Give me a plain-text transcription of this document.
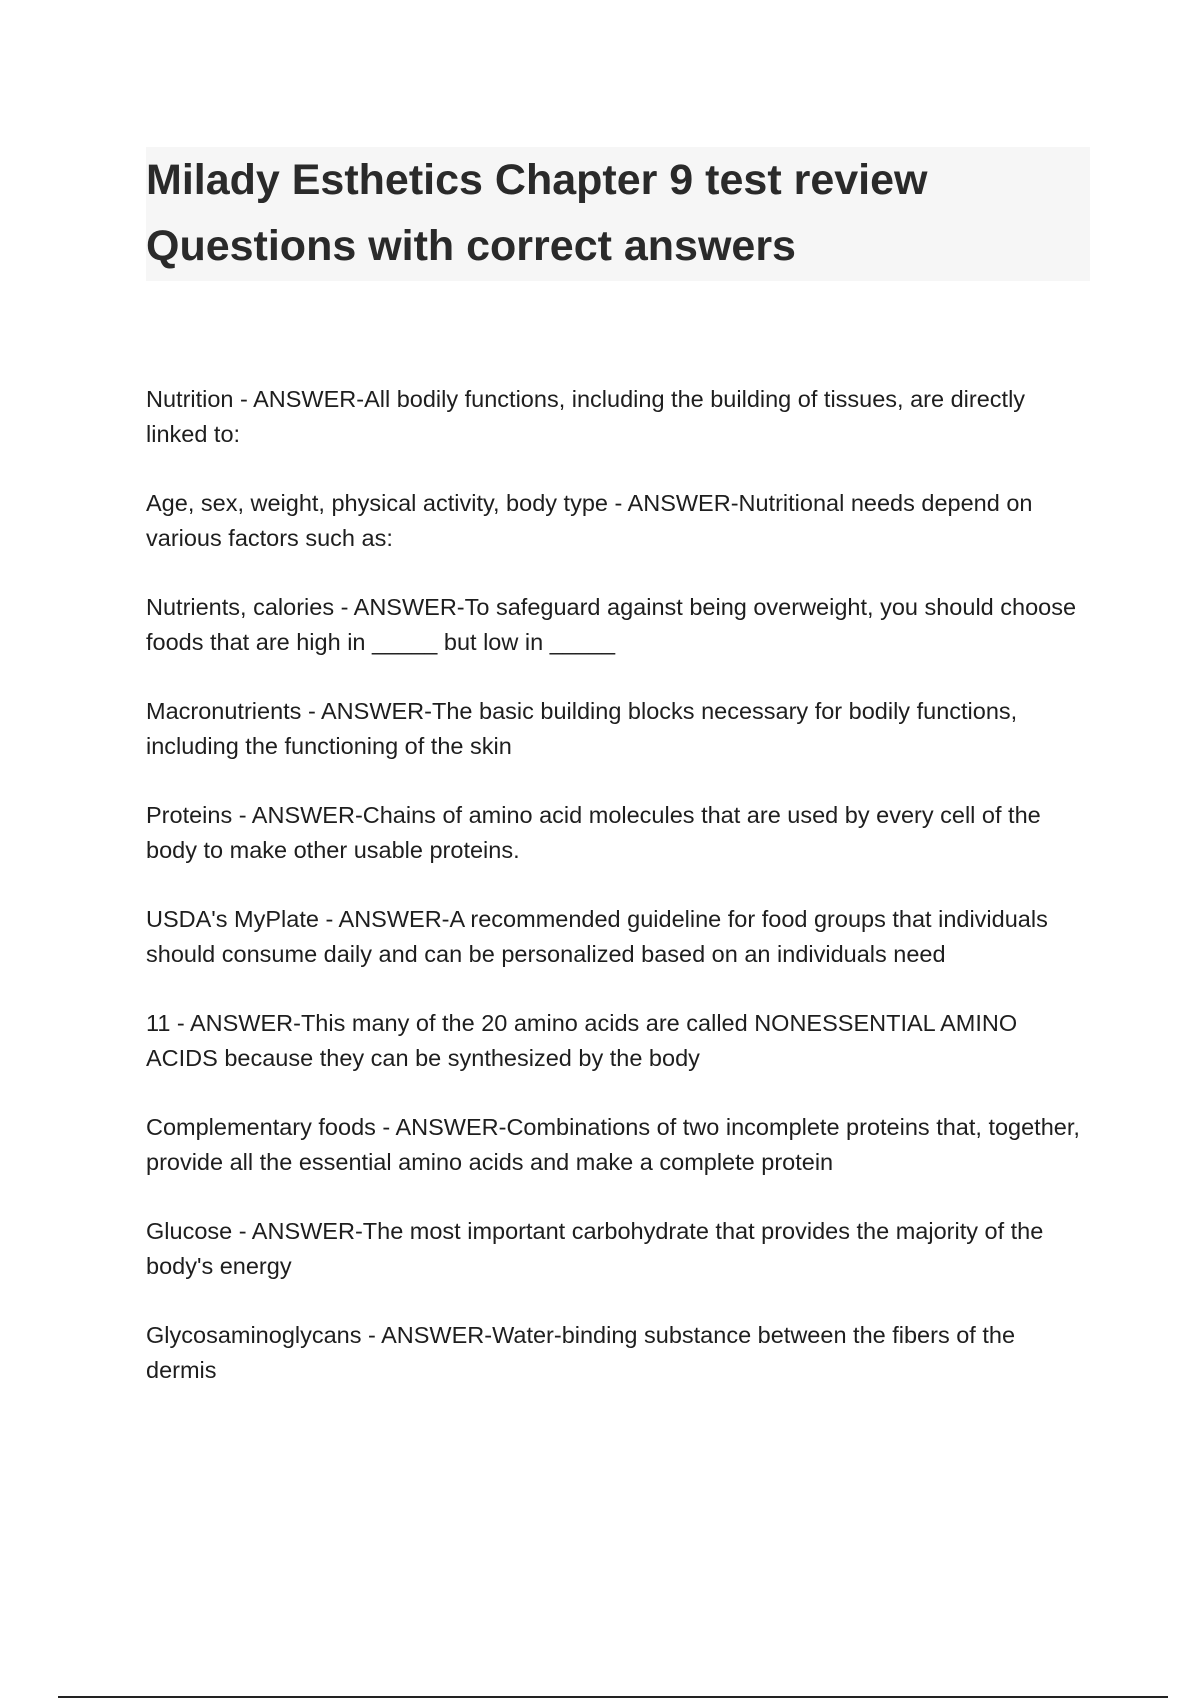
Milady Esthetics Chapter 9 test review
Questions with correct answers
Nutrition - ANSWER-All bodily functions, including the building of tissues, are directly linked to:
Age, sex, weight, physical activity, body type - ANSWER-Nutritional needs depend on various factors such as:
Nutrients, calories - ANSWER-To safeguard against being overweight, you should choose foods that are high in _____ but low in _____
Macronutrients - ANSWER-The basic building blocks necessary for bodily functions, including the functioning of the skin
Proteins - ANSWER-Chains of amino acid molecules that are used by every cell of the body to make other usable proteins.
USDA's MyPlate - ANSWER-A recommended guideline for food groups that individuals should consume daily and can be personalized based on an individuals need
11 - ANSWER-This many of the 20 amino acids are called NONESSENTIAL AMINO ACIDS because they can be synthesized by the body
Complementary foods - ANSWER-Combinations of two incomplete proteins that, together, provide all the essential amino acids and make a complete protein
Glucose - ANSWER-The most important carbohydrate that provides the majority of the body's energy
Glycosaminoglycans - ANSWER-Water-binding substance between the fibers of the dermis
